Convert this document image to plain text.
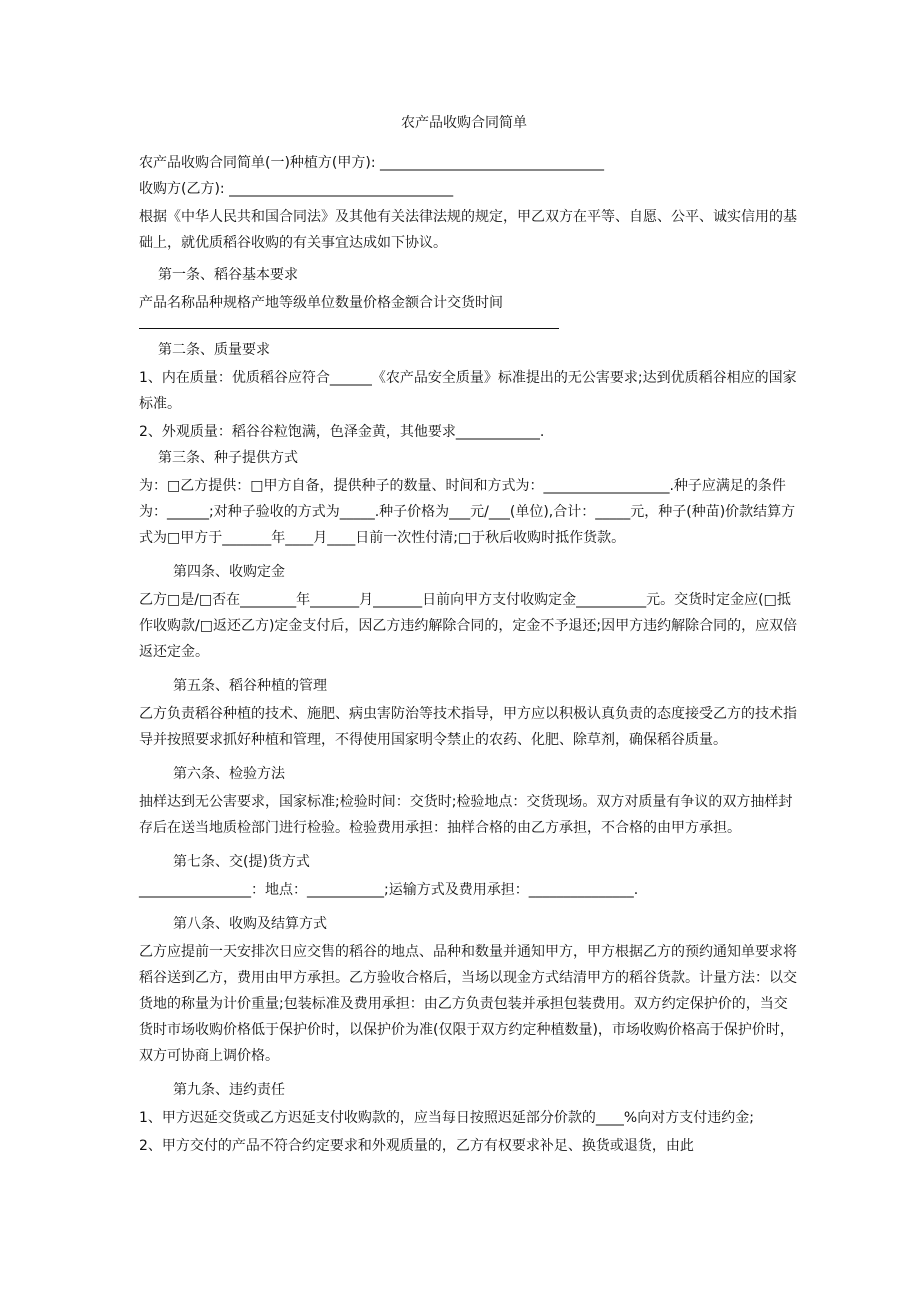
农产品收购合同简单

农产品收购合同简单(一)种植方(甲方): ________________________________

收购方(乙方): ________________________________

根据《中华人民共和国合同法》及其他有关法律法规的规定，甲乙双方在平等、自愿、公平、诚实信用的基础上，就优质稻谷收购的有关事宜达成如下协议。

第一条、稻谷基本要求

产品名称品种规格产地等级单位数量价格金额合计交货时间

第二条、质量要求

1、内在质量：优质稻谷应符合______《农产品安全质量》标准提出的无公害要求;达到优质稻谷相应的国家标准。

2、外观质量：稻谷谷粒饱满，色泽金黄，其他要求____________.

第三条、种子提供方式

为：□乙方提供：□甲方自备，提供种子的数量、时间和方式为：__________________.种子应满足的条件为：______;对种子验收的方式为_____.种子价格为___元/___(单位),合计：_____元，种子(种苗)价款结算方式为□甲方于_______年____月____日前一次性付清;□于秋后收购时抵作货款。

第四条、收购定金

乙方□是/□否在________年_______月_______日前向甲方支付收购定金__________元。交货时定金应(□抵作收购款/□返还乙方)定金支付后，因乙方违约解除合同的，定金不予退还;因甲方违约解除合同的，应双倍返还定金。

第五条、稻谷种植的管理

乙方负责稻谷种植的技术、施肥、病虫害防治等技术指导，甲方应以积极认真负责的态度接受乙方的技术指导并按照要求抓好种植和管理，不得使用国家明令禁止的农药、化肥、除草剂，确保稻谷质量。

第六条、检验方法

抽样达到无公害要求，国家标准;检验时间：交货时;检验地点：交货现场。双方对质量有争议的双方抽样封存后在送当地质检部门进行检验。检验费用承担：抽样合格的由乙方承担，不合格的由甲方承担。

第七条、交(提)货方式

________________：地点：___________;运输方式及费用承担：_______________.

第八条、收购及结算方式

乙方应提前一天安排次日应交售的稻谷的地点、品种和数量并通知甲方，甲方根据乙方的预约通知单要求将稻谷送到乙方，费用由甲方承担。乙方验收合格后，当场以现金方式结清甲方的稻谷货款。计量方法：以交货地的称量为计价重量;包装标准及费用承担：由乙方负责包装并承担包装费用。双方约定保护价的，当交货时市场收购价格低于保护价时，以保护价为准(仅限于双方约定种植数量)，市场收购价格高于保护价时，双方可协商上调价格。

第九条、违约责任

1、甲方迟延交货或乙方迟延支付收购款的，应当每日按照迟延部分价款的____%向对方支付违约金;

2、甲方交付的产品不符合约定要求和外观质量的，乙方有权要求补足、换货或退货，由此
